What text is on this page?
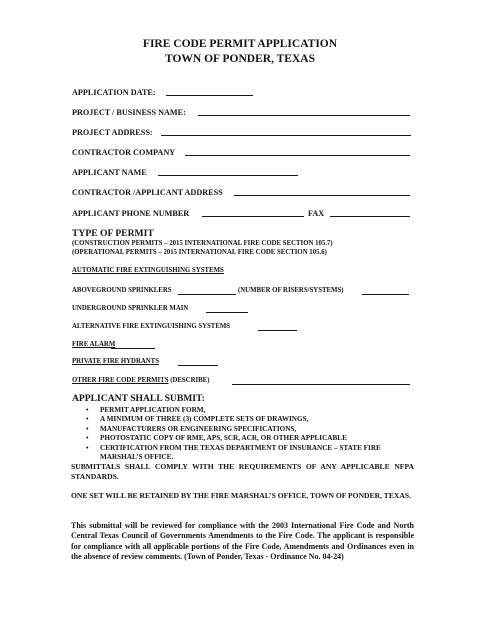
FIRE CODE PERMIT APPLICATION
TOWN OF PONDER, TEXAS
APPLICATION DATE:
PROJECT / BUSINESS NAME:
PROJECT ADDRESS:
CONTRACTOR COMPANY
APPLICANT NAME
CONTRACTOR /APPLICANT ADDRESS
APPLICANT PHONE NUMBER	FAX
TYPE OF PERMIT
(CONSTRUCTION PERMITS – 2015 INTERNATIONAL FIRE CODE SECTION 105.7)
(OPERATIONAL PERMITS – 2015 INTERNATIONAL FIRE CODE SECTION 105.6)
AUTOMATIC FIRE EXTINGUISHING SYSTEMS
ABOVEGROUND SPRINKLERS	(NUMBER OF RISERS/SYSTEMS)
UNDERGROUND SPRINKLER MAIN
ALTERNATIVE FIRE EXTINGUISHING SYSTEMS
FIRE ALARM
PRIVATE FIRE HYDRANTS
OTHER FIRE CODE PERMITS (DESCRIBE)
APPLICANT SHALL SUBMIT:
• PERMIT APPLICATION FORM,
• A MINIMUM OF THREE (3) COMPLETE SETS OF DRAWINGS,
• MANUFACTURERS OR ENGINEERING SPECIFICATIONS,
• PHOTOSTATIC COPY OF RME, APS, SCR, ACR, OR OTHER APPLICABLE
• CERTIFICATION FROM THE TEXAS DEPARTMENT OF INSURANCE – STATE FIRE MARSHAL’S OFFICE.
SUBMITTALS SHALL COMPLY WITH THE REQUIREMENTS OF ANY APPLICABLE NFPA STANDARDS.
ONE SET WILL BE RETAINED BY THE FIRE MARSHAL’S OFFICE, TOWN OF PONDER, TEXAS.
This submittal will be reviewed for compliance with the 2003 International Fire Code and North Central Texas Council of Governments Amendments to the Fire Code. The applicant is responsible for compliance with all applicable portions of the Fire Code, Amendments and Ordinances even in the absence of review comments. (Town of Ponder, Texas - Ordinance No. 04-24)
